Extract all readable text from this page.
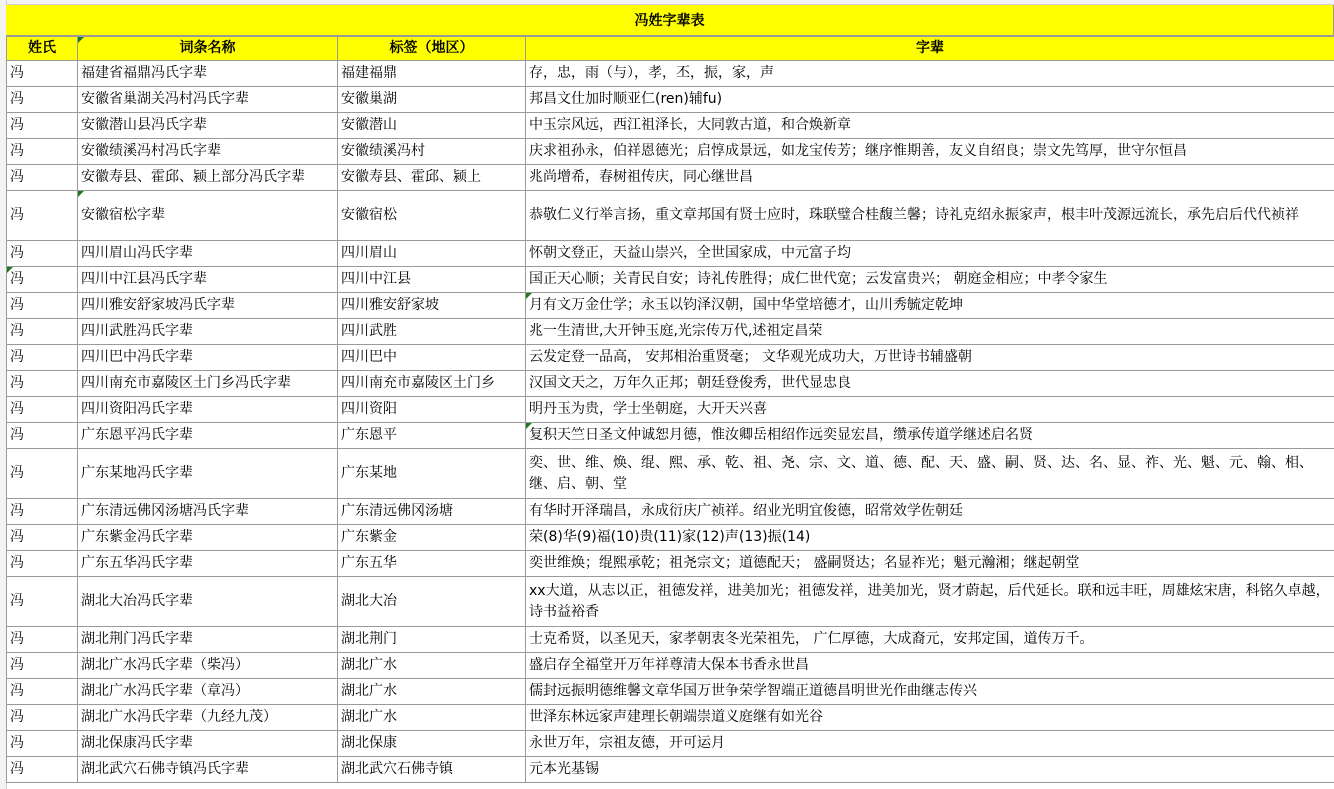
冯姓字辈表
姓氏	词条名称	标签（地区）	字辈
冯	福建省福鼎冯氏字辈	福建福鼎	存，忠，雨（与），孝，丕，振，家，声
冯	安徽省巢湖关冯村冯氏字辈	安徽巢湖	邦昌文仕加时顺亚仁(ren)辅fu)
冯	安徽潜山县冯氏字辈	安徽潜山	中玉宗风远，西江祖泽长，大同敦古道，和合焕新章
冯	安徽绩溪冯村冯氏字辈	安徽绩溪冯村	庆求祖孙永，伯祥恩德光；启惇成景远，如龙宝传芳；继序惟期善，友义自绍良；崇文先笃厚，世守尔恒昌
冯	安徽寿县、霍邱、颍上部分冯氏字辈	安徽寿县、霍邱、颍上	兆尚增希，春树祖传庆，同心继世昌
冯	安徽宿松字辈	安徽宿松	恭敬仁义行举言扬，重文章邦国有贤士应时，珠联璧合桂馥兰馨；诗礼克绍永振家声，根丰叶茂源远流长，承先启后代代祯祥
冯	四川眉山冯氏字辈	四川眉山	怀朝文登正，天益山崇兴，全世国家成，中元富子均
冯	四川中江县冯氏字辈	四川中江县	国正天心顺；关青民自安；诗礼传胜得；成仁世代宽；云发富贵兴； 朝庭金相应；中孝令家生
冯	四川雅安舒家坡冯氏字辈	四川雅安舒家坡	月有文万金仕学；永玉以钧泽汉朝，国中华堂培德才，山川秀毓定乾坤
冯	四川武胜冯氏字辈	四川武胜	兆一生清世,大开钟玉庭,光宗传万代,述祖定昌荣
冯	四川巴中冯氏字辈	四川巴中	云发定登一品高， 安邦相治重贤毫； 文华观光成功大，万世诗书辅盛朝
冯	四川南充市嘉陵区土门乡冯氏字辈	四川南充市嘉陵区土门乡	汉国文天之，万年久正邦；朝廷登俊秀，世代显忠良
冯	四川资阳冯氏字辈	四川资阳	明丹玉为贵，学士坐朝庭，大开天兴喜
冯	广东恩平冯氏字辈	广东恩平	复积天竺日圣文仲诚恕月德，惟汝卿岳相绍作远奕显宏昌，缵承传道学继述启名贤
冯	广东某地冯氏字辈	广东某地	奕、世、维、焕、绲、熙、承、乾、祖、尧、宗、文、道、德、配、天、盛、嗣、贤、达、名、显、祚、光、魁、元、翰、相、继、启、朝、堂
冯	广东清远佛冈汤塘冯氏字辈	广东清远佛冈汤塘	有华时开泽瑞昌，永成衍庆广祯祥。绍业光明宜俊德，昭常效学佐朝廷
冯	广东紫金冯氏字辈	广东紫金	荣(8)华(9)福(10)贵(11)家(12)声(13)振(14)
冯	广东五华冯氏字辈	广东五华	奕世维焕；绲熙承乾；祖尧宗文；道德配天； 盛嗣贤达；名显祚光；魁元瀚湘；继起朝堂
冯	湖北大冶冯氏字辈	湖北大冶	xx大道，从志以正，祖德发祥，进美加光；祖德发祥，进美加光，贤才蔚起，后代延长。联和远丰旺，周雄炫宋唐，科铭久卓越，诗书益裕香
冯	湖北荆门冯氏字辈	湖北荆门	士克希贤，以圣见天，家孝朝衷冬光荣祖先， 广仁厚德，大成裔元，安邦定国，道传万千。
冯	湖北广水冯氏字辈（柴冯）	湖北广水	盛启存全福堂开万年祥尊清大保本书香永世昌
冯	湖北广水冯氏字辈（章冯）	湖北广水	儒封远振明德维馨文章华国万世争荣学智端正道德昌明世光作曲继志传兴
冯	湖北广水冯氏字辈（九经九茂）	湖北广水	世泽东林远家声建理长朝端崇道义庭继有如光谷
冯	湖北保康冯氏字辈	湖北保康	永世万年，宗祖友德，开可运月
冯	湖北武穴石佛寺镇冯氏字辈	湖北武穴石佛寺镇	元本光基锡
